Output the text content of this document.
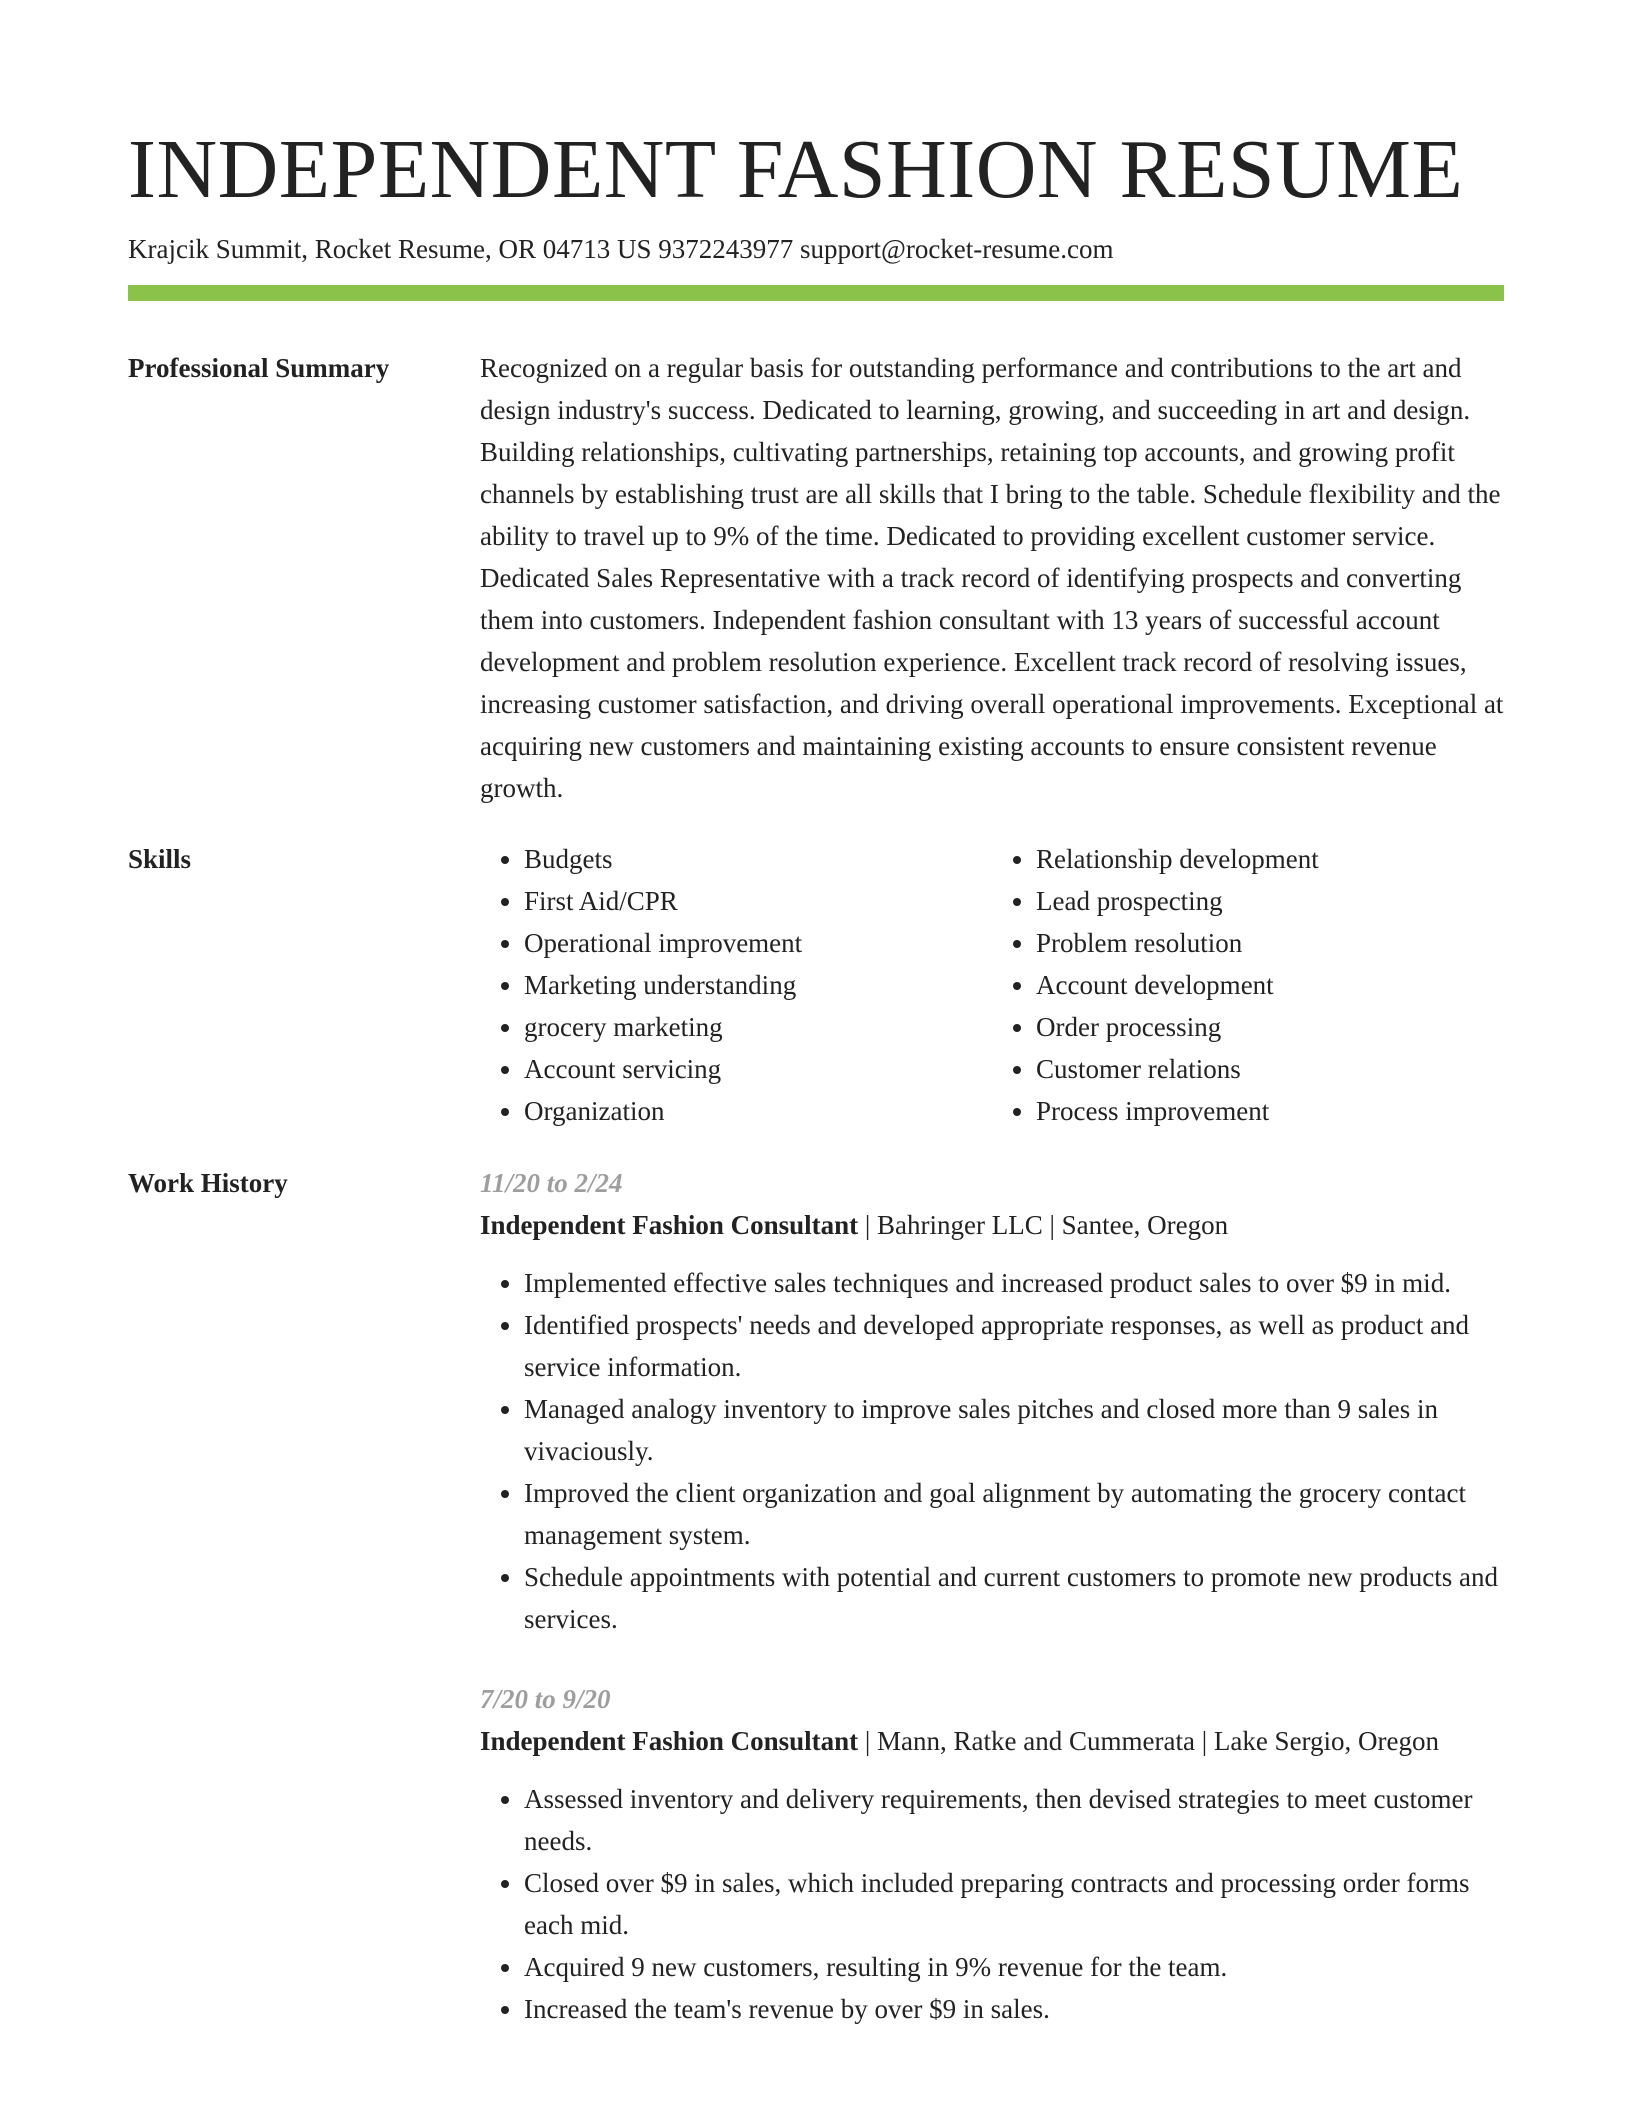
INDEPENDENT FASHION RESUME
Krajcik Summit, Rocket Resume, OR 04713 US 9372243977 support@rocket-resume.com
Professional Summary	Recognized on a regular basis for outstanding performance and contributions to the art and design industry's success. Dedicated to learning, growing, and succeeding in art and design. Building relationships, cultivating partnerships, retaining top accounts, and growing profit channels by establishing trust are all skills that I bring to the table. Schedule flexibility and the ability to travel up to 9% of the time. Dedicated to providing excellent customer service. Dedicated Sales Representative with a track record of identifying prospects and converting them into customers. Independent fashion consultant with 13 years of successful account development and problem resolution experience. Excellent track record of resolving issues, increasing customer satisfaction, and driving overall operational improvements. Exceptional at acquiring new customers and maintaining existing accounts to ensure consistent revenue growth.

Skills
•	Budgets
• First Aid/CPR
• Operational improvement
• Marketing understanding
• grocery marketing
• Account servicing
• Organization
• Relationship development
• Lead prospecting
• Problem resolution
• Account development
• Order processing
• Customer relations
• Process improvement
Work History	11/20 to 2/24
Independent Fashion Consultant | Bahringer LLC | Santee, Oregon
• Implemented effective sales techniques and increased product sales to over $9 in mid.
• Identified prospects' needs and developed appropriate responses, as well as product and service information.
• Managed analogy inventory to improve sales pitches and closed more than 9 sales in vivaciously.
• Improved the client organization and goal alignment by automating the grocery contact management system.
• Schedule appointments with potential and current customers to promote new products and services.
7/20 to 9/20
Independent Fashion Consultant | Mann, Ratke and Cummerata | Lake Sergio, Oregon
• Assessed inventory and delivery requirements, then devised strategies to meet customer needs.
• Closed over $9 in sales, which included preparing contracts and processing order forms each mid.
• Acquired 9 new customers, resulting in 9% revenue for the team.
• Increased the team's revenue by over $9 in sales.
